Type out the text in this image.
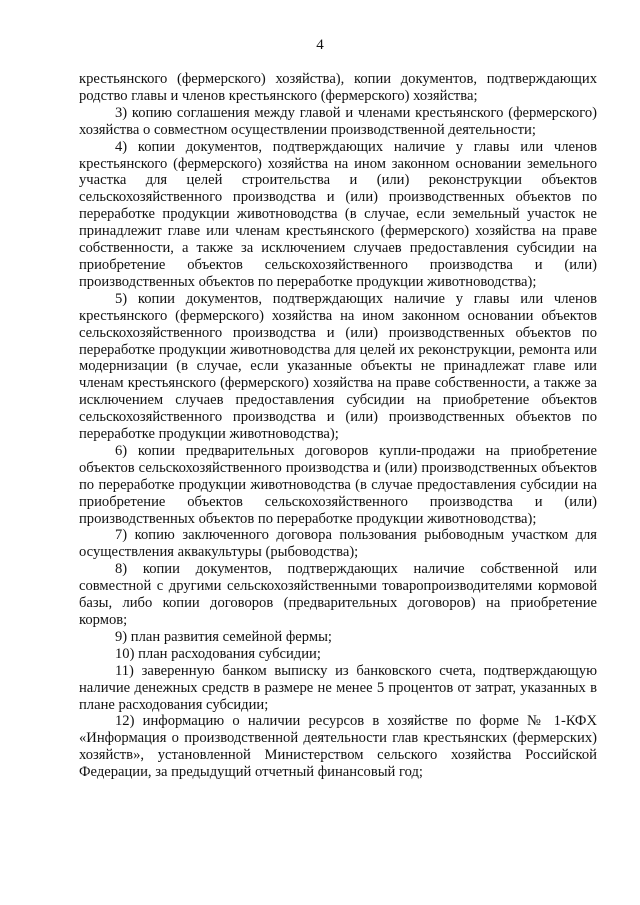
4

крестьянского (фермерского) хозяйства), копии документов, подтверждающих родство главы и членов крестьянского (фермерского) хозяйства;

3) копию соглашения между главой и членами крестьянского (фермерского) хозяйства о совместном осуществлении производственной деятельности;

4) копии документов, подтверждающих наличие у главы или членов крестьянского (фермерского) хозяйства на ином законном основании земельного участка для целей строительства и (или) реконструкции объектов сельскохозяйственного производства и (или) производственных объектов по переработке продукции животноводства (в случае, если земельный участок не принадлежит главе или членам крестьянского (фермерского) хозяйства на праве собственности, а также за исключением случаев предоставления субсидии на приобретение объектов сельскохозяйственного производства и (или) производственных объектов по переработке продукции животноводства);

5) копии документов, подтверждающих наличие у главы или членов крестьянского (фермерского) хозяйства на ином законном основании объектов сельскохозяйственного производства и (или) производственных объектов по переработке продукции животноводства для целей их реконструкции, ремонта или модернизации (в случае, если указанные объекты не принадлежат главе или членам крестьянского (фермерского) хозяйства на праве собственности, а также за исключением случаев предоставления субсидии на приобретение объектов сельскохозяйственного производства и (или) производственных объектов по переработке продукции животноводства);

6) копии предварительных договоров купли-продажи на приобретение объектов сельскохозяйственного производства и (или) производственных объектов по переработке продукции животноводства (в случае предоставления субсидии на приобретение объектов сельскохозяйственного производства и (или) производственных объектов по переработке продукции животноводства);

7) копию заключенного договора пользования рыбоводным участком для осуществления аквакультуры (рыбоводства);

8) копии документов, подтверждающих наличие собственной или совместной с другими сельскохозяйственными товаропроизводителями кормовой базы, либо копии договоров (предварительных договоров) на приобретение кормов;

9) план развития семейной фермы;

10) план расходования субсидии;

11) заверенную банком выписку из банковского счета, подтверждающую наличие денежных средств в размере не менее 5 процентов от затрат, указанных в плане расходования субсидии;

12) информацию о наличии ресурсов в хозяйстве по форме № 1-КФХ «Информация о производственной деятельности глав крестьянских (фермерских) хозяйств», установленной Министерством сельского хозяйства Российской Федерации, за предыдущий отчетный финансовый год;
